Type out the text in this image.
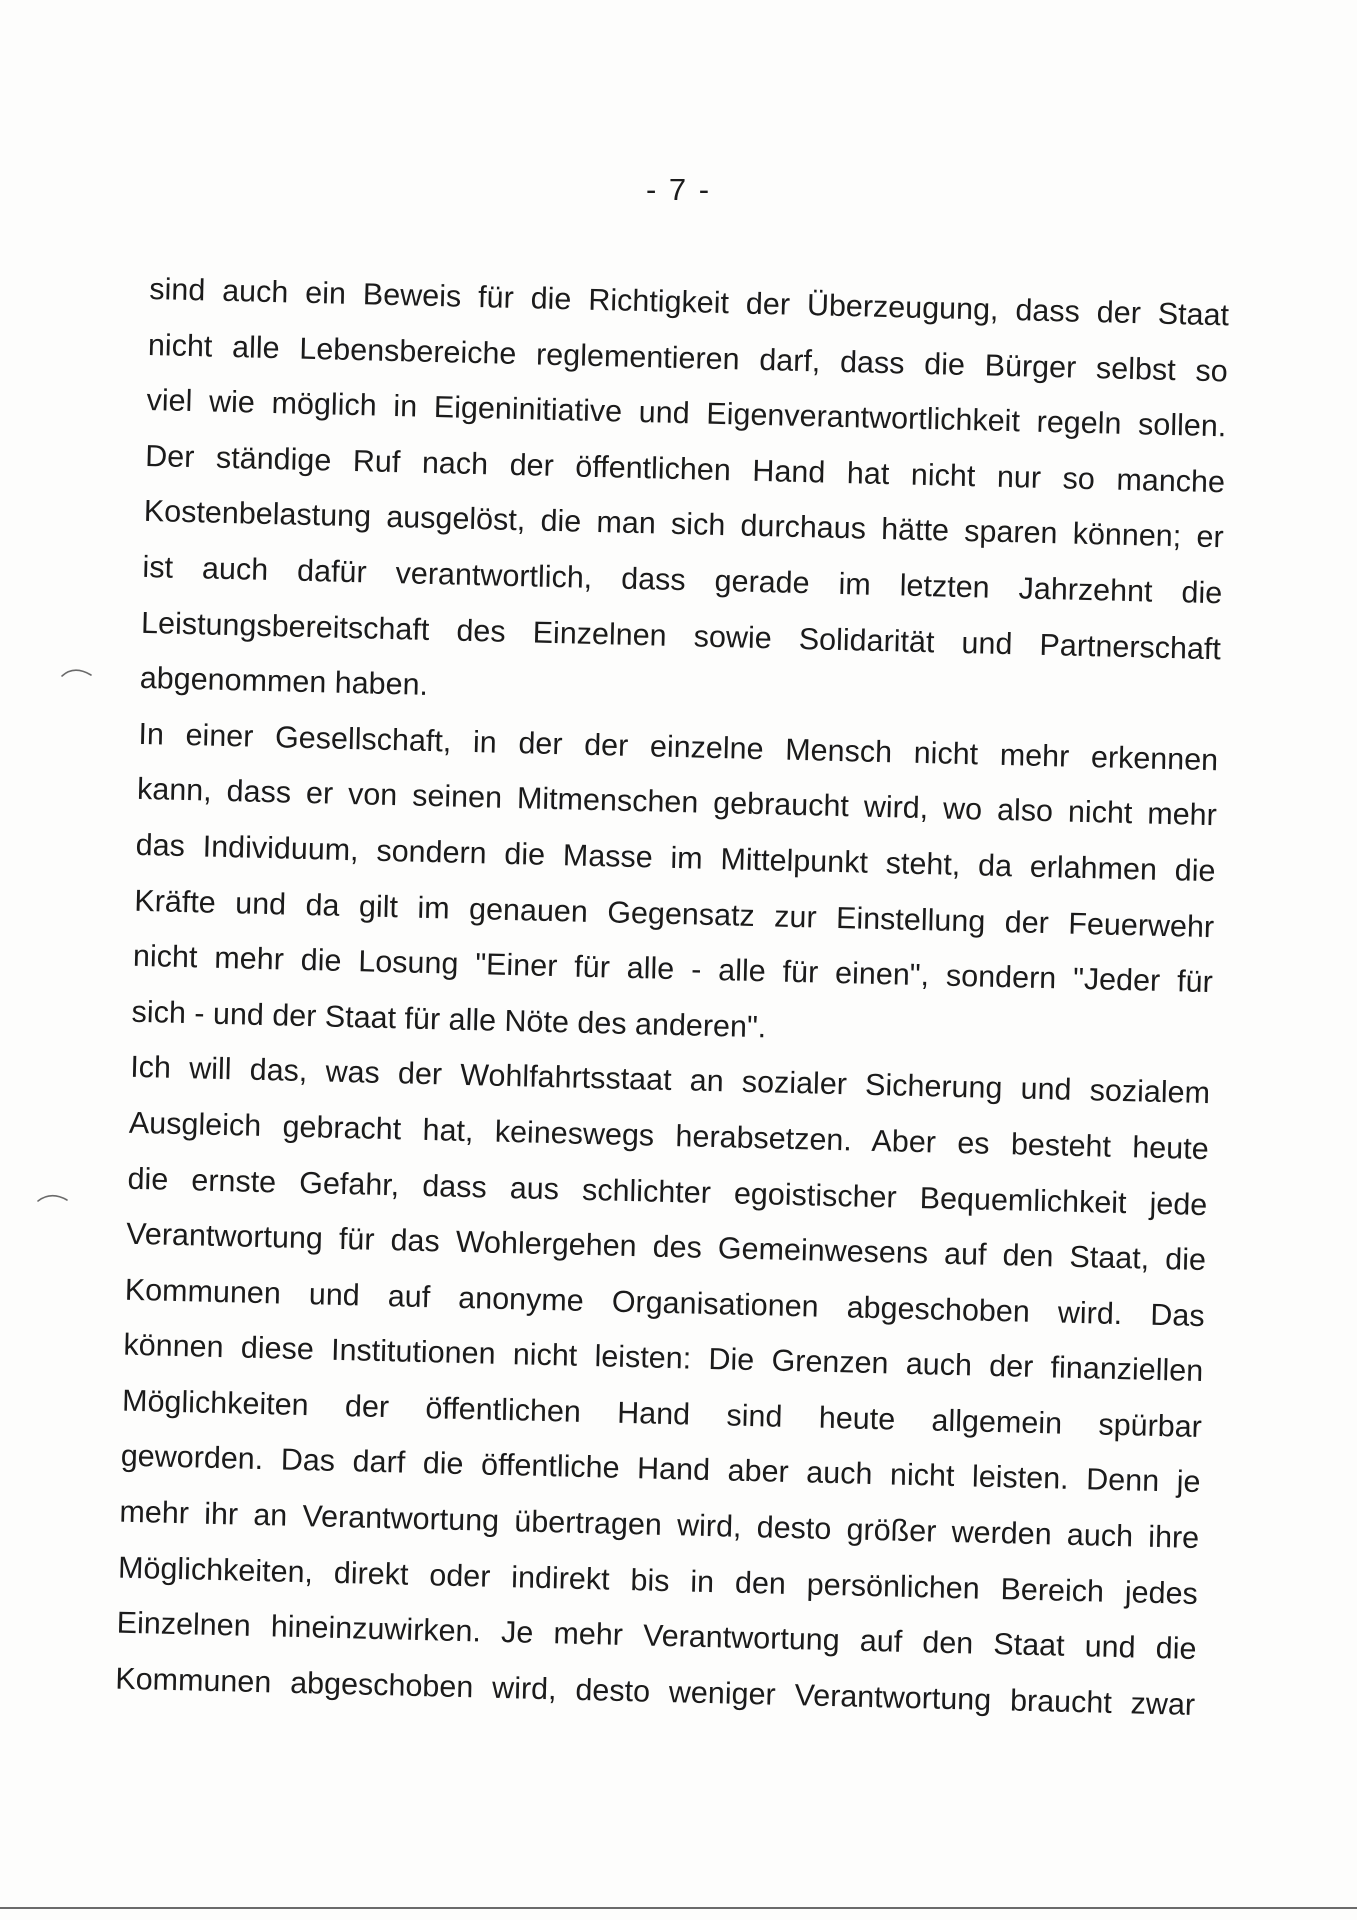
- 7 -
sind auch ein Beweis für die Richtigkeit der Überzeugung, dass der Staat
nicht alle Lebensbereiche reglementieren darf, dass die Bürger selbst so
viel wie möglich in Eigeninitiative und Eigenverantwortlichkeit regeln sollen.
Der ständige Ruf nach der öffentlichen Hand hat nicht nur so manche
Kostenbelastung ausgelöst, die man sich durchaus hätte sparen können; er
ist auch dafür verantwortlich, dass gerade im letzten Jahrzehnt die
Leistungsbereitschaft des Einzelnen sowie Solidarität und Partnerschaft
abgenommen haben.
In einer Gesellschaft, in der der einzelne Mensch nicht mehr erkennen
kann, dass er von seinen Mitmenschen gebraucht wird, wo also nicht mehr
das Individuum, sondern die Masse im Mittelpunkt steht, da erlahmen die
Kräfte und da gilt im genauen Gegensatz zur Einstellung der Feuerwehr
nicht mehr die Losung "Einer für alle - alle für einen", sondern "Jeder für
sich - und der Staat für alle Nöte des anderen".
Ich will das, was der Wohlfahrtsstaat an sozialer Sicherung und sozialem
Ausgleich gebracht hat, keineswegs herabsetzen. Aber es besteht heute
die ernste Gefahr, dass aus schlichter egoistischer Bequemlichkeit jede
Verantwortung für das Wohlergehen des Gemeinwesens auf den Staat, die
Kommunen und auf anonyme Organisationen abgeschoben wird. Das
können diese Institutionen nicht leisten: Die Grenzen auch der finanziellen
Möglichkeiten der öffentlichen Hand sind heute allgemein spürbar
geworden. Das darf die öffentliche Hand aber auch nicht leisten. Denn je
mehr ihr an Verantwortung übertragen wird, desto größer werden auch ihre
Möglichkeiten, direkt oder indirekt bis in den persönlichen Bereich jedes
Einzelnen hineinzuwirken. Je mehr Verantwortung auf den Staat und die
Kommunen abgeschoben wird, desto weniger Verantwortung braucht zwar
